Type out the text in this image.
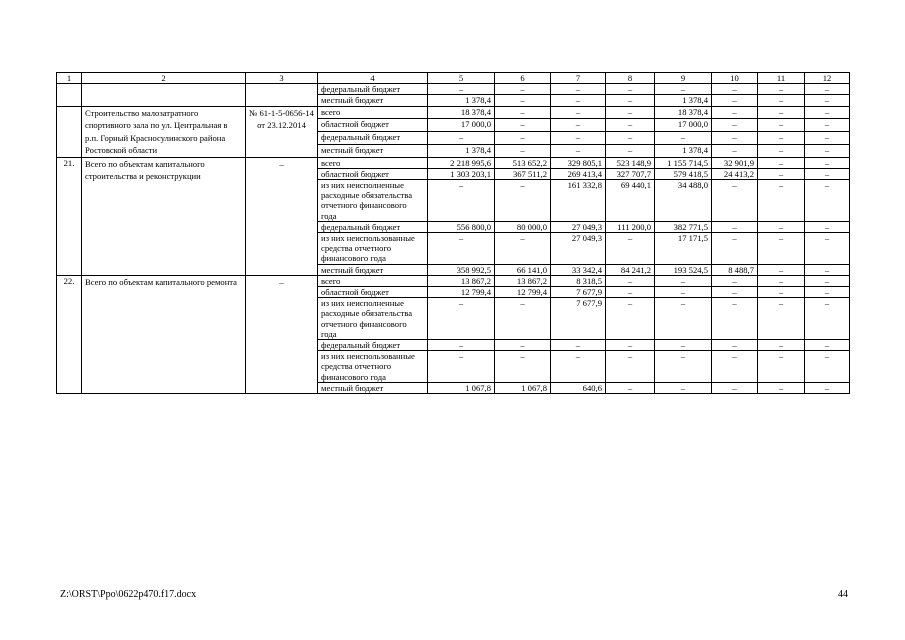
1	2	3	4	5	6	7	8	9	10	11	12
			федеральный бюджет	–	–	–	–	–	–	–	–
			местный бюджет	1 378,4	–	–	–	1 378,4	–	–	–
	Строительство малозатратного спортивного зала по ул. Центральная в р.п. Горный Красносулинского района Ростовской области	№ 61-1-5-0656-14 от 23.12.2014	всего	18 378,4	–	–	–	18 378,4	–	–	–
			областной бюджет	17 000,0	–	–	–	17 000,0	–	–	–
			федеральный бюджет	–	–	–	–	–	–	–	–
			местный бюджет	1 378,4	–	–	–	1 378,4	–	–	–
21.	Всего по объектам капитального строительства и реконструкции	–	всего	2 218 995,6	513 652,2	329 805,1	523 148,9	1 155 714,5	32 901,9	–	–
			областной бюджет	1 303 203,1	367 511,2	269 413,4	327 707,7	579 418,5	24 413,2	–	–
			из них неисполненные расходные обязательства отчетного финансового года	–	–	161 332,8	69 440,1	34 488,0	–	–	–
			федеральный бюджет	556 800,0	80 000,0	27 049,3	111 200,0	382 771,5	–	–	–
			из них неиспользованные средства отчетного финансового года	–	–	27 049,3	–	17 171,5	–	–	–
			местный бюджет	358 992,5	66 141,0	33 342,4	84 241,2	193 524,5	8 488,7	–	–
22.	Всего по объектам капитального ремонта	–	всего	13 867,2	13 867,2	8 318,5	–	–	–	–	–
			областной бюджет	12 799,4	12 799,4	7 677,9	–	–	–	–	–
			из них неисполненные расходные обязательства отчетного финансового года	–	–	7 677,9	–	–	–	–	–
			федеральный бюджет	–	–	–	–	–	–	–	–
			из них неиспользованные средства отчетного финансового года	–	–	–	–	–	–	–	–
			местный бюджет	1 067,8	1 067,8	640,6	–	–	–	–	–
Z:\ORST\Ppo\0622p470.f17.docx	44
